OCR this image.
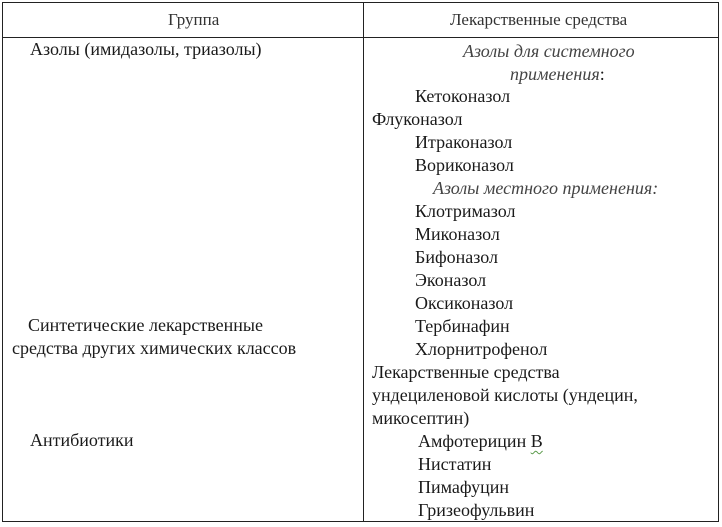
Группа	Лекарственные средства
Азолы (имидазолы, триазолы)
Синтетические лекарственные
средства других химических классов
Антибиотики
Азолы для системного
применения:
Кетоконазол
Флуконазол
Итраконазол
Вориконазол
Азолы местного применения:
Клотримазол
Миконазол
Бифоназол
Эконазол
Оксиконазол
Тербинафин
Хлорнитрофенол
Лекарственные средства
ундециленовой кислоты (ундецин,
микосептин)
Амфотерицин В
Нистатин
Пимафуцин
Гризеофульвин
